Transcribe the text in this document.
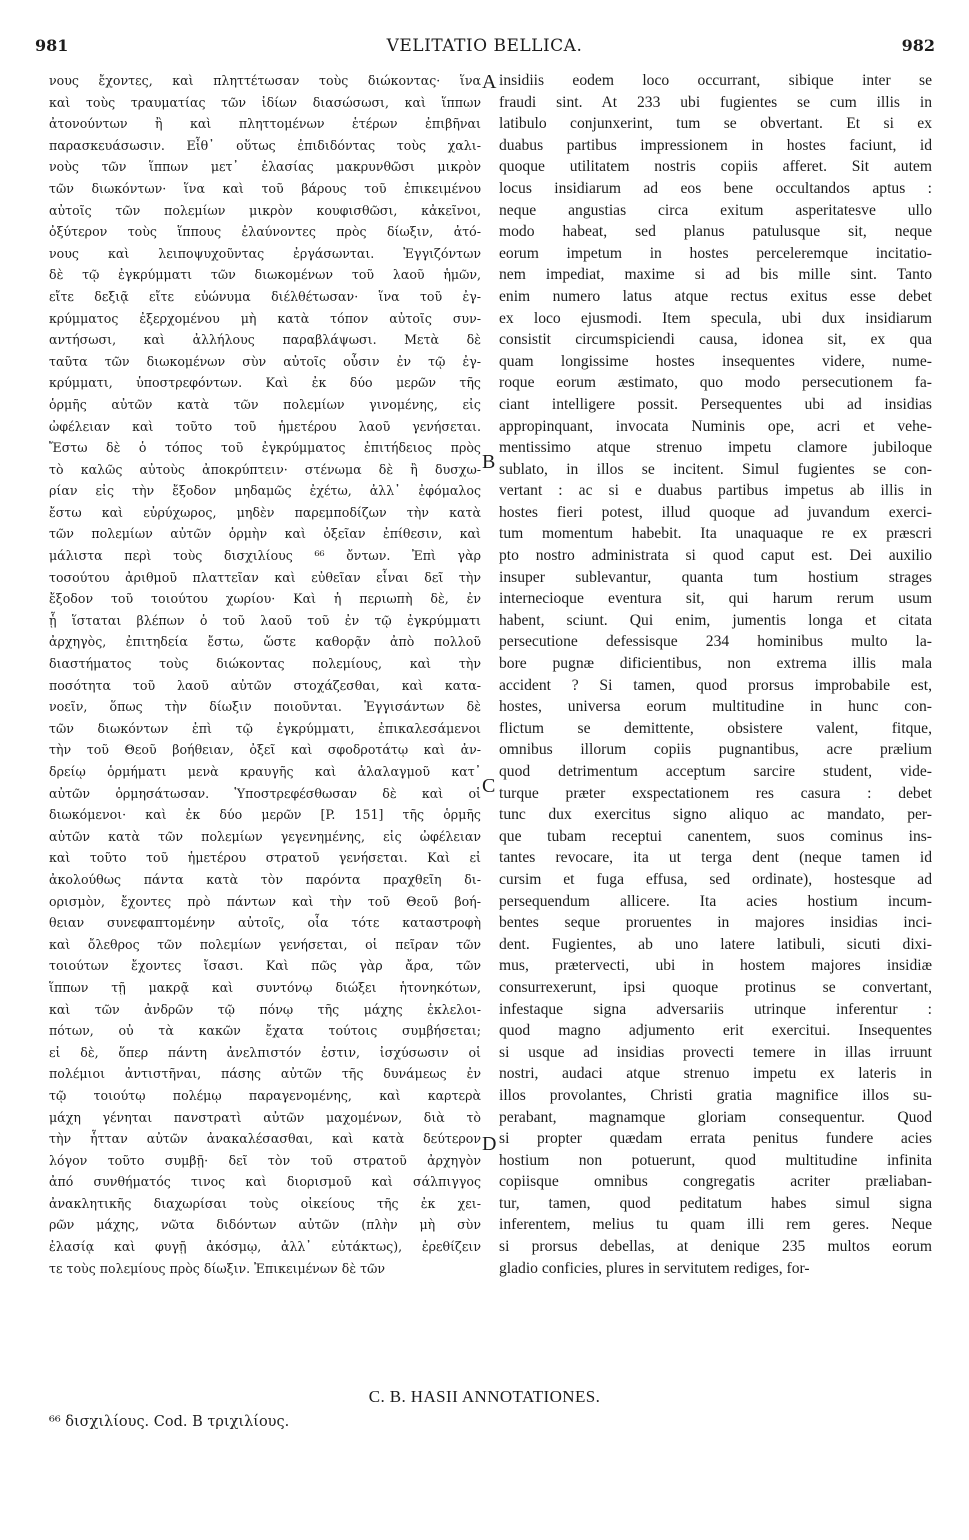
981	VELITATIO BELLICA.	982
νους ἔχοντες, καὶ πληττέτωσαν τοὺς διώκοντας· ἵνα
καὶ τοὺς τραυματίας τῶν ἰδίων διασώσωσι, καὶ ἵππων
ἀτονούντων ἢ καὶ πληττομένων ἑτέρων ἐπιβῆναι
παρασκευάσωσιν. Εἶθ᾽ οὕτως ἐπιδιδόντας τοὺς χαλι-
νοὺς τῶν ἵππων μετ᾽ ἐλασίας μακρυνθῶσι μικρὸν
τῶν διωκόντων· ἵνα καὶ τοῦ βάρους τοῦ ἐπικειμένου
αὐτοῖς τῶν πολεμίων μικρὸν κουφισθῶσι, κἀκεῖνοι,
ὀξύτερον τοὺς ἵππους ἐλαύνοντες πρὸς δίωξιν, ἀτό-
νους καὶ λειποψυχοῦντας ἐργάσωνται. Ἐγγιζόντων
δὲ τῷ ἐγκρύμματι τῶν διωκομένων τοῦ λαοῦ ἡμῶν,
εἴτε δεξιᾷ εἴτε εὐώνυμα διέλθέτωσαν· ἵνα τοῦ ἐγ-
κρύμματος ἐξερχομένου μὴ κατὰ τόπον αὐτοῖς συν-
αντήσωσι, καὶ ἀλλήλους παραβλάψωσι. Μετὰ δὲ
ταῦτα τῶν διωκομένων σὺν αὐτοῖς οὖσιν ἐν τῷ ἐγ-
κρύμματι, ὑποστρεφόντων. Καὶ ἐκ δύο μερῶν τῆς
ὁρμῆς αὐτῶν κατὰ τῶν πολεμίων γινομένης, εἰς
ὠφέλειαν καὶ τοῦτο τοῦ ἡμετέρου λαοῦ γενήσεται.
Ἔστω δὲ ὁ τόπος τοῦ ἐγκρύμματος ἐπιτήδειος πρὸς
τὸ καλῶς αὐτοὺς ἀποκρύπτειν· στένωμα δὲ ἢ δυσχω-
ρίαν εἰς τὴν ἔξοδον μηδαμῶς ἐχέτω, ἀλλ᾽ ἐφόμαλος
ἔστω καὶ εὐρύχωρος, μηδὲν παρεμποδίζων τὴν κατὰ
τῶν πολεμίων αὐτῶν ὁρμὴν καὶ ὀξεῖαν ἐπίθεσιν, καὶ
μάλιστα περὶ τοὺς δισχιλίους ⁶⁶ ὄντων. Ἐπὶ γὰρ
τοσούτου ἀριθμοῦ πλαττεῖαν καὶ εὐθεῖαν εἶναι δεῖ τὴν
ἔξοδον τοῦ τοιούτου χωρίου· Καὶ ἡ περιωπὴ δὲ, ἐν
ᾗ ἵσταται βλέπων ὁ τοῦ λαοῦ τοῦ ἐν τῷ ἐγκρύμματι
ἀρχηγὸς, ἐπιτηδεία ἔστω, ὥστε καθορᾷν ἀπὸ πολλοῦ
διαστήματος τοὺς διώκοντας πολεμίους, καὶ τὴν
ποσότητα τοῦ λαοῦ αὐτῶν στοχάζεσθαι, καὶ κατα-
νοεῖν, ὅπως τὴν δίωξιν ποιοῦνται. Ἐγγισάντων δὲ
τῶν διωκόντων ἐπὶ τῷ ἐγκρύμματι, ἐπικαλεσάμενοι
τὴν τοῦ Θεοῦ βοήθειαν, ὀξεῖ καὶ σφοδροτάτῳ καὶ ἀν-
δρείῳ ὁρμήματι μενὰ κραυγῆς καὶ ἀλαλαγμοῦ κατ᾽
αὐτῶν ὁρμησάτωσαν. Ὑποστρεφέσθωσαν δὲ καὶ οἱ
διωκόμενοι· καὶ ἐκ δύο μερῶν [P. 151] τῆς ὁρμῆς
αὐτῶν κατὰ τῶν πολεμίων γεγενημένης, εἰς ὠφέλειαν
καὶ τοῦτο τοῦ ἡμετέρου στρατοῦ γενήσεται. Καὶ εἰ
ἀκολούθως πάντα κατὰ τὸν παρόντα πραχθεῖη δι-
ορισμὸν, ἔχοντες πρὸ πάντων καὶ τὴν τοῦ Θεοῦ βοή-
θειαν συνεφαπτομένην αὐτοῖς, οἷα τότε καταστροφὴ
καὶ ὄλεθρος τῶν πολεμίων γενήσεται, οἱ πεῖραν τῶν
τοιούτων ἔχοντες ἴσασι. Καὶ πῶς γὰρ ἄρα, τῶν
ἵππων τῇ μακρᾷ καὶ συντόνῳ διώξει ἡτονηκότων,
καὶ τῶν ἀνδρῶν τῷ πόνῳ τῆς μάχης ἐκλελοι-
πότων, οὐ τὰ κακῶν ἔχατα τούτοις συμβήσεται;
εἰ δὲ, ὅπερ πάντη ἀνελπιστόν ἐστιν, ἰσχύσωσιν οἱ
πολέμιοι ἀντιστῆναι, πάσης αὐτῶν τῆς δυνάμεως ἐν
τῷ τοιούτῳ πολέμῳ παραγενομένης, καὶ καρτερὰ
μάχη γένηται πανστρατὶ αὐτῶν μαχομένων, διὰ τὸ
τὴν ἧτταν αὐτῶν ἀνακαλέσασθαι, καὶ κατὰ δεύτερον
λόγον τοῦτο συμβῇ· δεῖ τὸν τοῦ στρατοῦ ἀρχηγὸν
ἀπό συνθήματός τινος καὶ διορισμοῦ καὶ σάλπιγγος
ἀνακλητικῆς διαχωρίσαι τοὺς οἰκείους τῆς ἐκ χει-
ρῶν μάχης, νῶτα διδόντων αὐτῶν (πλὴν μὴ σὺν
ἐλασίᾳ καὶ φυγῇ ἀκόσμῳ, ἀλλ᾽ εὐτάκτως), ἐρεθίζειν
τε τοὺς πολεμίους πρὸς δίωξιν. Ἐπικειμένων δὲ τῶν
insidiis eodem loco occurrant, sibique inter se
fraudi sint. At 233 ubi fugientes se cum illis in
latibulo conjunxerint, tum se obvertant. Et si ex
duabus partibus impressionem in hostes faciunt, id
quoque utilitatem nostris copiis afferet. Sit autem
locus insidiarum ad eos bene occultandos aptus :
neque angustias circa exitum asperitatesve ullo
modo habeat, sed planus patulusque sit, neque
eorum impetum in hostes perceleremque incitatio-
nem impediat, maxime si ad bis mille sint. Tanto
enim numero latus atque rectus exitus esse debet
ex loco ejusmodi. Item specula, ubi dux insidiarum
consistit circumspiciendi causa, idonea sit, ex qua
quam longissime hostes insequentes videre, nume-
roque eorum æstimato, quo modo persecutionem fa-
ciant intelligere possit. Persequentes ubi ad insidias
appropinquant, invocata Numinis ope, acri et vehe-
mentissimo atque strenuo impetu clamore jubiloque
sublato, in illos se incitent. Simul fugientes se con-
vertant : ac si e duabus partibus impetus ab illis in
hostes fieri potest, illud quoque ad juvandum exerci-
tum momentum habebit. Ita unaquaque re ex præscri
pto nostro administrata si quod caput est. Dei auxilio
insuper sublevantur, quanta tum hostium strages
internecioque eventura sit, qui harum rerum usum
habent, sciunt. Qui enim, jumentis longa et citata
persecutione defessisque 234 hominibus multo la-
bore pugnæ dificientibus, non extrema illis mala
accident ? Si tamen, quod prorsus improbabile est,
hostes, universa eorum multitudine in hunc con-
flictum se demittente, obsistere valent, fitque,
omnibus illorum copiis pugnantibus, acre prælium
quod detrimentum acceptum sarcire student, vide-
turque præter exspectationem res casura : debet
tunc dux exercitus signo aliquo ac mandato, per-
que tubam receptui canentem, suos cominus ins-
tantes revocare, ita ut terga dent (neque tamen id
cursim et fuga effusa, sed ordinate), hostesque ad
persequendum allicere. Ita acies hostium incum-
bentes seque proruentes in majores insidias inci-
dent. Fugientes, ab uno latere latibuli, sicuti dixi-
mus, prætervecti, ubi in hostem majores insidiæ
consurrexerunt, ipsi quoque protinus se convertant,
infestaque signa adversariis utrinque inferentur :
quod magno adjumento erit exercitui. Insequentes
si usque ad insidias provecti temere in illas irruunt
nostri, audaci atque strenuo impetu ex lateris in
illos provolantes, Christi gratia magnifice illos su-
perabant, magnamque gloriam consequentur. Quod
si propter quædam errata penitus fundere acies
hostium non potuerunt, quod multitudine infinita
copiisque omnibus congregatis acriter præliaban-
tur, tamen, quod peditatum habes simul signa
inferentem, melius tu quam illi rem geres. Neque
si prorsus debellas, at denique 235 multos eorum
gladio conficies, plures in servitutem rediges, for-
A
B
C
D
C. B. HASII ANNOTATIONES.
⁶⁶ δισχιλίους. Cod. B τριχιλίους.
